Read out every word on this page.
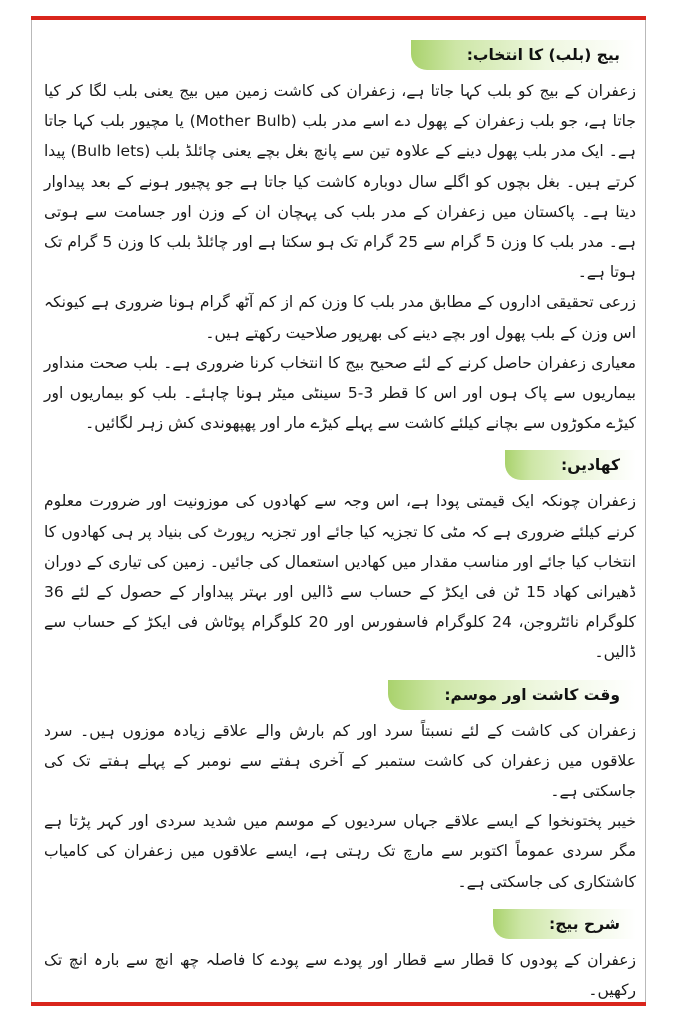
بیج (بلب) کا انتخاب:

زعفران کے بیج کو بلب کہا جاتا ہے، زعفران کی کاشت زمین میں بیج یعنی بلب لگا کر کیا جاتا ہے، جو بلب زعفران کے پھول دے اسے مدر بلب (Mother Bulb) یا مچیور بلب کہا جاتا ہے۔ ایک مدر بلب پھول دینے کے علاوہ تین سے پانچ بغل بچے یعنی چائلڈ بلب (Bulb lets) پیدا کرتے ہیں۔ بغل بچوں کو اگلے سال دوبارہ کاشت کیا جاتا ہے جو پچیور ہونے کے بعد پیداوار دیتا ہے۔ پاکستان میں زعفران کے مدر بلب کی پہچان ان کے وزن اور جسامت سے ہوتی ہے۔ مدر بلب کا وزن 5 گرام سے 25 گرام تک ہو سکتا ہے اور چائلڈ بلب کا وزن 5 گرام تک ہوتا ہے۔

زرعی تحقیقی اداروں کے مطابق مدر بلب کا وزن کم از کم آٹھ گرام ہونا ضروری ہے کیونکہ اس وزن کے بلب پھول اور بچے دینے کی بھرپور صلاحیت رکھتے ہیں۔

معیاری زعفران حاصل کرنے کے لئے صحیح بیج کا انتخاب کرنا ضروری ہے۔ بلب صحت منداور بیماریوں سے پاک ہوں اور اس کا قطر 3-5 سینٹی میٹر ہونا چاہئے۔ بلب کو بیماریوں اور کیڑے مکوڑوں سے بچانے کیلئے کاشت سے پہلے کیڑے مار اور پھپھوندی کش زہر لگائیں۔

کھادیں:

زعفران چونکہ ایک قیمتی پودا ہے، اس وجہ سے کھادوں کی موزونیت اور ضرورت معلوم کرنے کیلئے ضروری ہے کہ مٹی کا تجزیہ کیا جائے اور تجزیہ رپورٹ کی بنیاد پر ہی کھادوں کا انتخاب کیا جائے اور مناسب مقدار میں کھادیں استعمال کی جائیں۔ زمین کی تیاری کے دوران ڈھیرانی کھاد 15 ٹن فی ایکڑ کے حساب سے ڈالیں اور بہتر پیداوار کے حصول کے لئے 36 کلوگرام نائٹروجن، 24 کلوگرام فاسفورس اور 20 کلوگرام پوٹاش فی ایکڑ کے حساب سے ڈالیں۔

وقت کاشت اور موسم:

زعفران کی کاشت کے لئے نسبتاً سرد اور کم بارش والے علاقے زیادہ موزوں ہیں۔ سرد علاقوں میں زعفران کی کاشت ستمبر کے آخری ہفتے سے نومبر کے پہلے ہفتے تک کی جاسکتی ہے۔

خیبر پختونخوا کے ایسے علاقے جہاں سردیوں کے موسم میں شدید سردی اور کہر پڑتا ہے مگر سردی عموماً اکتوبر سے مارچ تک رہتی ہے، ایسے علاقوں میں زعفران کی کامیاب کاشتکاری کی جاسکتی ہے۔

شرح بیج:

زعفران کے پودوں کا قطار سے قطار اور پودے سے پودے کا فاصلہ چھ انچ سے بارہ انچ تک رکھیں۔
